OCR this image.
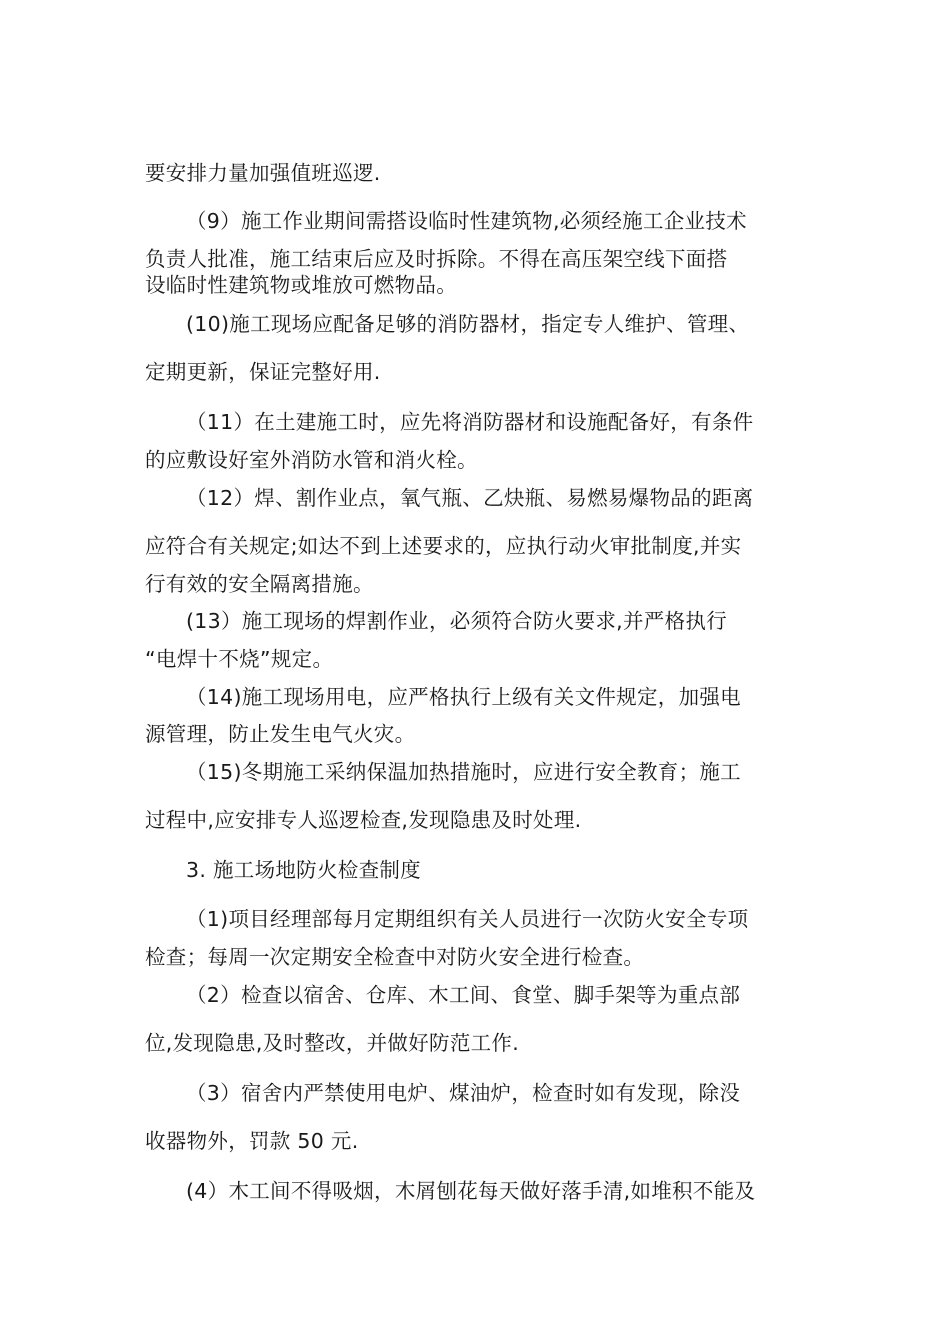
要安排力量加强值班巡逻.
（9）施工作业期间需搭设临时性建筑物,必须经施工企业技术
负责人批准，施工结束后应及时拆除。不得在高压架空线下面搭
设临时性建筑物或堆放可燃物品。
(10)施工现场应配备足够的消防器材，指定专人维护、管理、
定期更新，保证完整好用.
（11）在土建施工时，应先将消防器材和设施配备好，有条件
的应敷设好室外消防水管和消火栓。
（12）焊、割作业点，氧气瓶、乙炔瓶、易燃易爆物品的距离
应符合有关规定;如达不到上述要求的，应执行动火审批制度,并实
行有效的安全隔离措施。
(13）施工现场的焊割作业，必须符合防火要求,并严格执行
“电焊十不烧”规定。
（14)施工现场用电，应严格执行上级有关文件规定，加强电
源管理，防止发生电气火灾。
（15)冬期施工采纳保温加热措施时，应进行安全教育；施工
过程中,应安排专人巡逻检查,发现隐患及时处理.
3. 施工场地防火检查制度
（1)项目经理部每月定期组织有关人员进行一次防火安全专项
检查；每周一次定期安全检查中对防火安全进行检查。
（2）检查以宿舍、仓库、木工间、食堂、脚手架等为重点部
位,发现隐患,及时整改，并做好防范工作.
（3）宿舍内严禁使用电炉、煤油炉，检查时如有发现，除没
收器物外，罚款 50 元.
(4）木工间不得吸烟，木屑刨花每天做好落手清,如堆积不能及
